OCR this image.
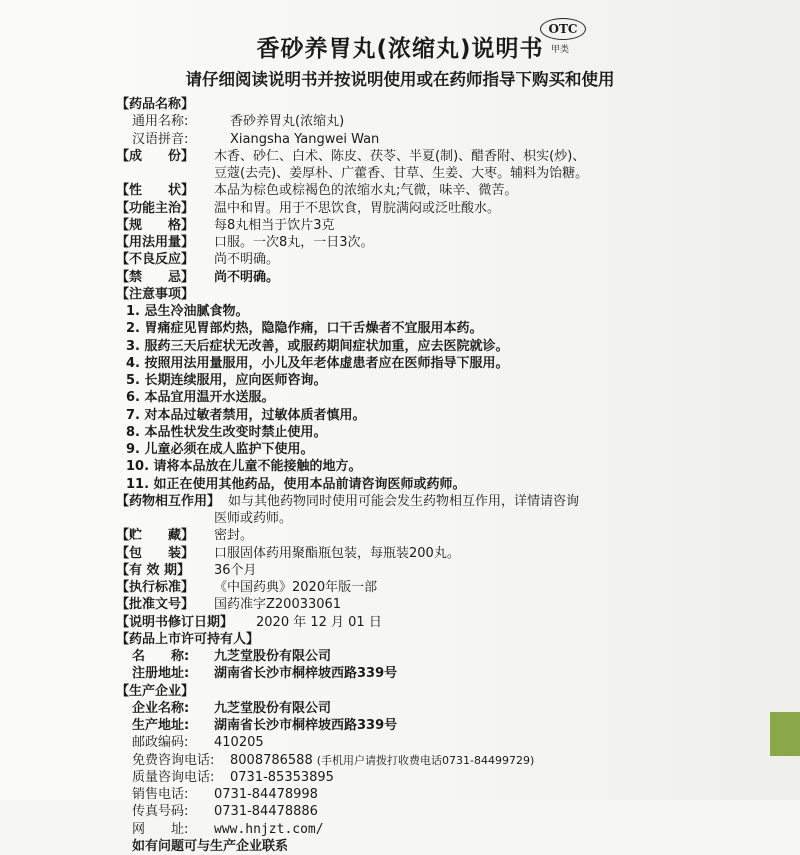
香砂养胃丸(浓缩丸)说明书
OTC
甲类
请仔细阅读说明书并按说明使用或在药师指导下购买和使用
【药品名称】
通用名称:	香砂养胃丸(浓缩丸)
汉语拼音:	Xiangsha Yangwei Wan
【成　　份】	木香、砂仁、白术、陈皮、茯苓、半夏(制)、醋香附、枳实(炒)、
豆蔻(去壳)、姜厚朴、广藿香、甘草、生姜、大枣。辅料为饴糖。
【性　　状】	本品为棕色或棕褐色的浓缩水丸;气微，味辛、微苦。
【功能主治】	温中和胃。用于不思饮食，胃脘满闷或泛吐酸水。
【规　　格】	每8丸相当于饮片3克
【用法用量】	口服。一次8丸，一日3次。
【不良反应】	尚不明确。
【禁　　忌】	尚不明确。
【注意事项】
1. 忌生冷油腻食物。
2. 胃痛症见胃部灼热，隐隐作痛，口干舌燥者不宜服用本药。
3. 服药三天后症状无改善，或服药期间症状加重，应去医院就诊。
4. 按照用法用量服用，小儿及年老体虚患者应在医师指导下服用。
5. 长期连续服用，应向医师咨询。
6. 本品宜用温开水送服。
7. 对本品过敏者禁用，过敏体质者慎用。
8. 本品性状发生改变时禁止使用。
9. 儿童必须在成人监护下使用。
10. 请将本品放在儿童不能接触的地方。
11. 如正在使用其他药品，使用本品前请咨询医师或药师。
【药物相互作用】 如与其他药物同时使用可能会发生药物相互作用，详情请咨询
医师或药师。
【贮　　藏】	密封。
【包　　装】	口服固体药用聚酯瓶包装，每瓶装200丸。
【有 效 期】	36个月
【执行标准】	《中国药典》2020年版一部
【批准文号】	国药准字Z20033061
【说明书修订日期】	2020 年 12 月 01 日
【药品上市许可持有人】
名　　称:	九芝堂股份有限公司
注册地址:	湖南省长沙市桐梓坡西路339号
【生产企业】
企业名称:	九芝堂股份有限公司
生产地址:	湖南省长沙市桐梓坡西路339号
邮政编码:	410205
免费咨询电话:	8008786588 (手机用户请拨打收费电话0731-84499729)
质量咨询电话:	0731-85353895
销售电话:	0731-84478998
传真号码:	0731-84478886
网　　址:	www.hnjzt.com/
如有问题可与生产企业联系
